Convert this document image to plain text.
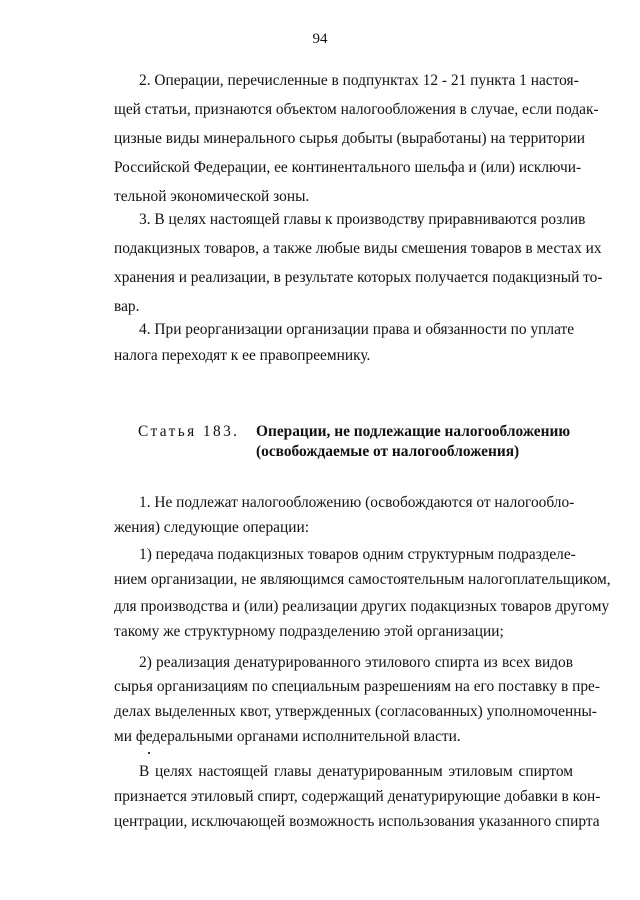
94
2. Операции, перечисленные в подпунктах 12 - 21 пункта 1 настоя-
щей статьи, признаются объектом налогообложения в случае, если подак-
цизные виды минерального сырья добыты (выработаны) на территории
Российской Федерации, ее континентального шельфа и (или) исключи-
тельной экономической зоны.
3. В целях настоящей главы к производству приравниваются розлив
подакцизных товаров, а также любые виды смешения товаров в местах их
хранения и реализации, в результате которых получается подакцизный то-
вар.
4. При реорганизации организации права и обязанности по уплате
налога переходят к ее правопреемнику.
Статья 183. Операции, не подлежащие налогообложению
(освобождаемые от налогообложения)
1. Не подлежат налогообложению (освобождаются от налогообло-
жения) следующие операции:
1) передача подакцизных товаров одним структурным подразделе-
нием организации, не являющимся самостоятельным налогоплательщиком,
для производства и (или) реализации других подакцизных товаров другому
такому же структурному подразделению этой организации;
2) реализация денатурированного этилового спирта из всех видов
сырья организациям по специальным разрешениям на его поставку в пре-
делах выделенных квот, утвержденных (согласованных) уполномоченны-
ми федеральными органами исполнительной власти.
В целях настоящей главы денатурированным этиловым спиртом
признается этиловый спирт, содержащий денатурирующие добавки в кон-
центрации, исключающей возможность использования указанного спирта
